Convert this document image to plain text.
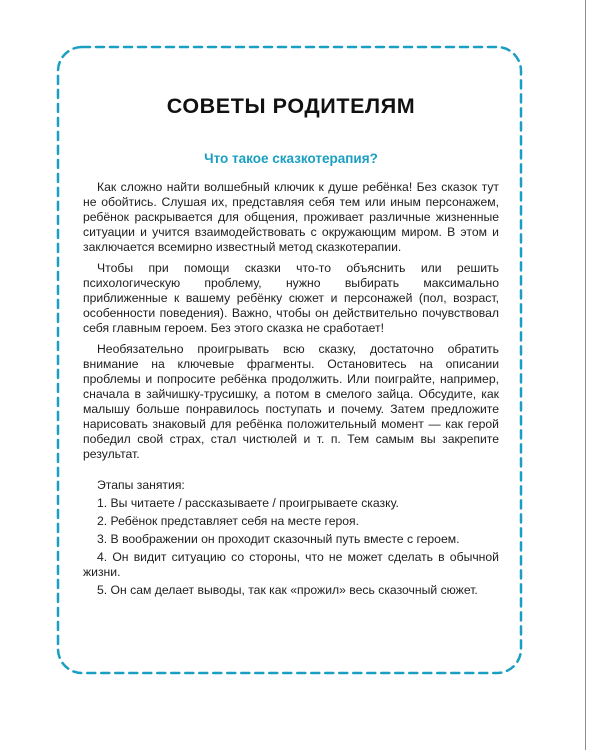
СОВЕТЫ РОДИТЕЛЯМ
Что такое сказкотерапия?

Как сложно найти волшебный ключик к душе ребёнка! Без сказок тут не обойтись. Слушая их, представляя себя тем или иным персонажем, ребёнок раскрывается для общения, проживает различные жизненные ситуации и учится взаимодействовать с окружающим миром. В этом и заключается всемирно известный метод сказкотерапии.

Чтобы при помощи сказки что-то объяснить или решить психологическую проблему, нужно выбирать максимально приближенные к вашему ребёнку сюжет и персонажей (пол, возраст, особенности поведения). Важно, чтобы он действительно почувствовал себя главным героем. Без этого сказка не сработает!

Необязательно проигрывать всю сказку, достаточно обратить внимание на ключевые фрагменты. Остановитесь на описании проблемы и попросите ребёнка продолжить. Или поиграйте, например, сначала в зайчишку-трусишку, а потом в смелого зайца. Обсудите, как малышу больше понравилось поступать и почему. Затем предложите нарисовать знаковый для ребёнка положительный момент — как герой победил свой страх, стал чистюлей и т. п. Тем самым вы закрепите результат.

Этапы занятия:
1. Вы читаете / рассказываете / проигрываете сказку.
2. Ребёнок представляет себя на месте героя.
3. В воображении он проходит сказочный путь вместе с героем.
4. Он видит ситуацию со стороны, что не может сделать в обычной жизни.
5. Он сам делает выводы, так как «прожил» весь сказочный сюжет.
